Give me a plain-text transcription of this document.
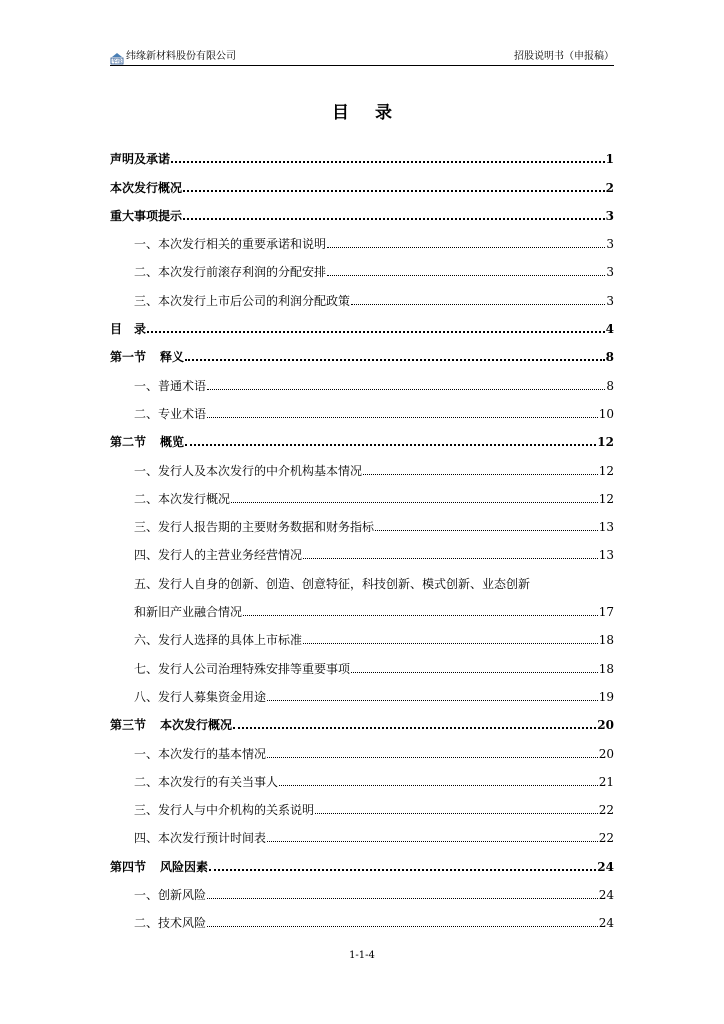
华缘 纬缘新材料股份有限公司	招股说明书（申报稿）
目 录
声明及承诺	1
本次发行概况	2
重大事项提示	3
一、本次发行相关的重要承诺和说明	3
二、本次发行前滚存利润的分配安排	3
三、本次发行上市后公司的利润分配政策	3
目　录	4
第一节 释义	8
一、普通术语	8
二、专业术语	10
第二节 概览	12
一、发行人及本次发行的中介机构基本情况	12
二、本次发行概况	12
三、发行人报告期的主要财务数据和财务指标	13
四、发行人的主营业务经营情况	13
五、发行人自身的创新、创造、创意特征，科技创新、模式创新、业态创新
和新旧产业融合情况	17
六、发行人选择的具体上市标准	18
七、发行人公司治理特殊安排等重要事项	18
八、发行人募集资金用途	19
第三节 本次发行概况	20
一、本次发行的基本情况	20
二、本次发行的有关当事人	21
三、发行人与中介机构的关系说明	22
四、本次发行预计时间表	22
第四节 风险因素	24
一、创新风险	24
二、技术风险	24
1-1-4
